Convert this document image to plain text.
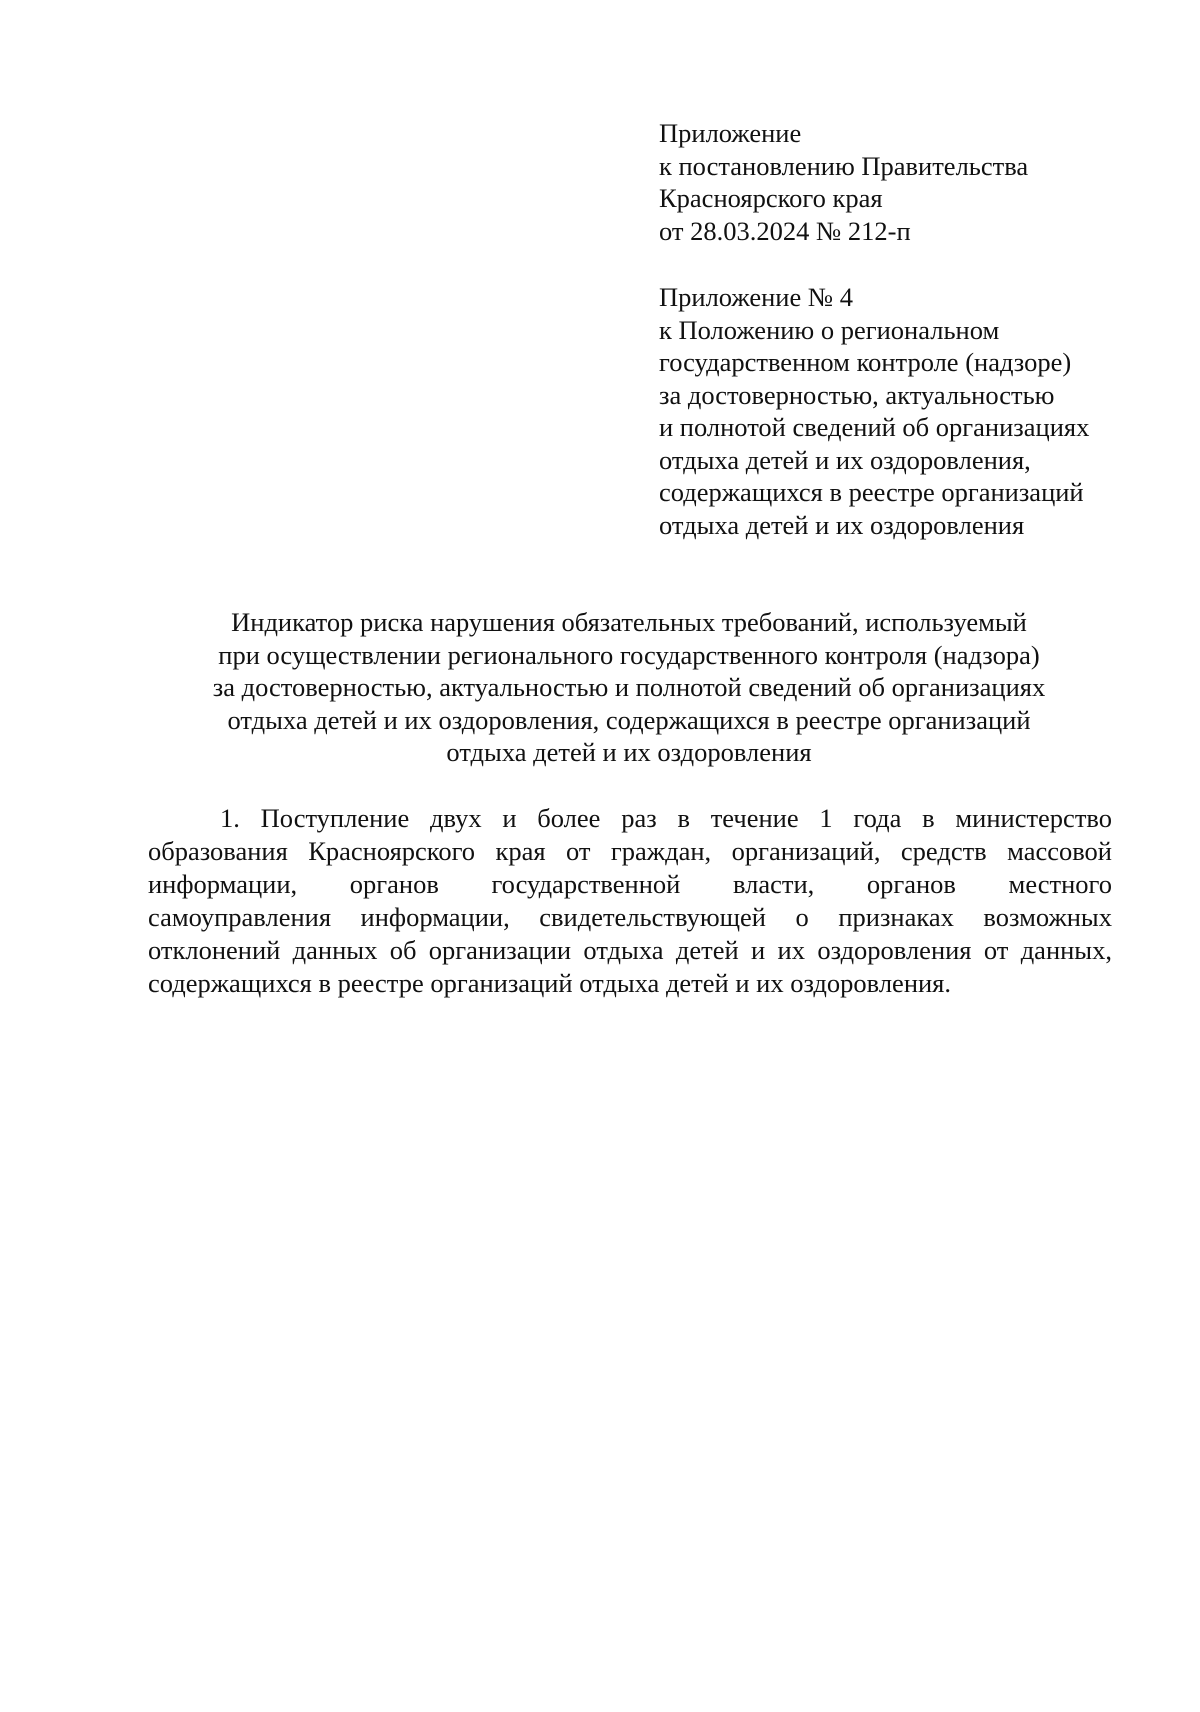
Приложение
к постановлению Правительства
Красноярского края
от 28.03.2024 № 212-п
Приложение № 4
к Положению о региональном
государственном контроле (надзоре)
за достоверностью, актуальностью
и полнотой сведений об организациях
отдыха детей и их оздоровления,
содержащихся в реестре организаций
отдыха детей и их оздоровления
Индикатор риска нарушения обязательных требований, используемый
при осуществлении регионального государственного контроля (надзора)
за достоверностью, актуальностью и полнотой сведений об организациях
отдыха детей и их оздоровления, содержащихся в реестре организаций
отдыха детей и их оздоровления
1. Поступление двух и более раз в течение 1 года в министерство
образования Красноярского края от граждан, организаций, средств массовой
информации, органов государственной власти, органов местного
самоуправления информации, свидетельствующей о признаках возможных
отклонений данных об организации отдыха детей и их оздоровления от данных,
содержащихся в реестре организаций отдыха детей и их оздоровления.
